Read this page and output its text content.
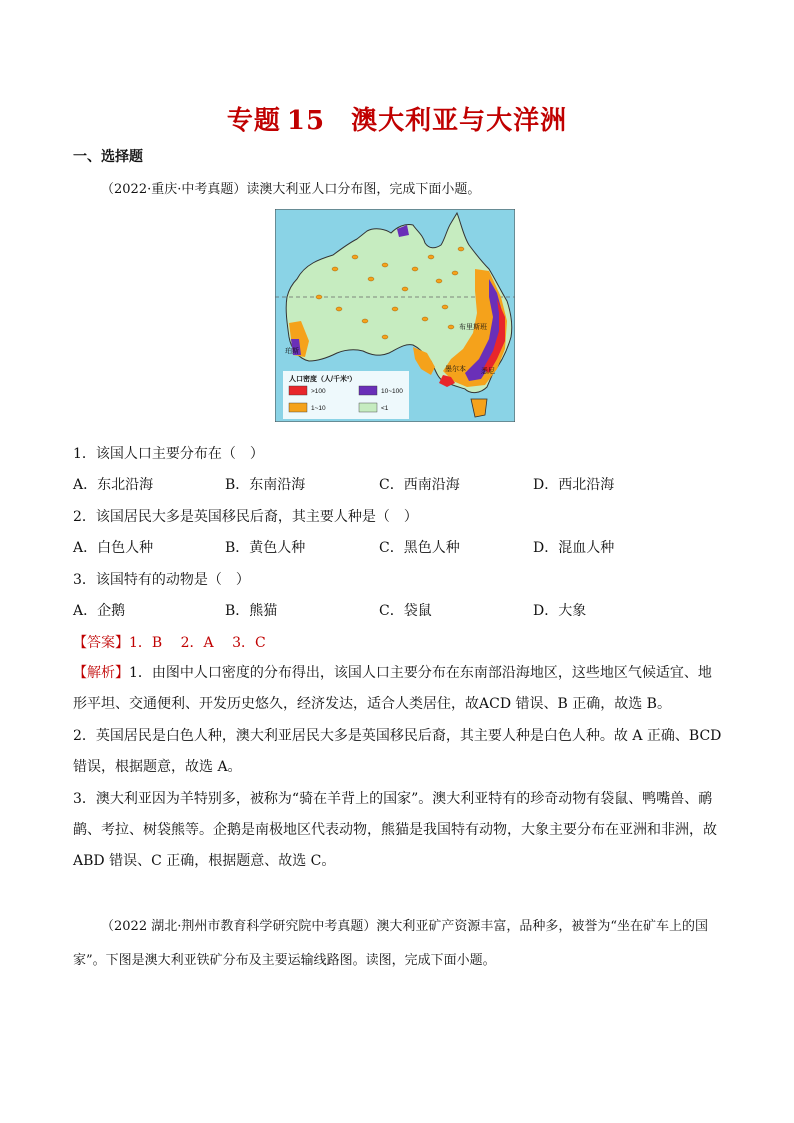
专题 15 澳大利亚与大洋洲
一、选择题
（2022·重庆·中考真题）读澳大利亚人口分布图，完成下面小题。
布里斯班
珀斯
悉尼
墨尔本
人口密度（人/千米²）
>100	10~100
1~10	<1
1．该国人口主要分布在（　）
A．东北沿海	B．东南沿海	C．西南沿海	D．西北沿海
2．该国居民大多是英国移民后裔，其主要人种是（　）
A．白色人种	B．黄色人种	C．黑色人种	D．混血人种
3．该国特有的动物是（　）
A．企鹅	B．熊猫	C．袋鼠	D．大象
【答案】1．B　 2．A　 3．C
【解析】1．由图中人口密度的分布得出，该国人口主要分布在东南部沿海地区，这些地区气候适宜、地形平坦、交通便利、开发历史悠久，经济发达，适合人类居住，故ACD 错误、B 正确，故选 B。
2．英国居民是白色人种，澳大利亚居民大多是英国移民后裔，其主要人种是白色人种。故 A 正确、BCD 错误，根据题意，故选 A。
3．澳大利亚因为羊特别多，被称为“骑在羊背上的国家”。澳大利亚特有的珍奇动物有袋鼠、鸭嘴兽、鸸鹋、考拉、树袋熊等。企鹅是南极地区代表动物，熊猫是我国特有动物，大象主要分布在亚洲和非洲，故 ABD 错误、C 正确，根据题意、故选 C。
（2022 湖北·荆州市教育科学研究院中考真题）澳大利亚矿产资源丰富，品种多，被誉为“坐在矿车上的国家”。下图是澳大利亚铁矿分布及主要运输线路图。读图，完成下面小题。
